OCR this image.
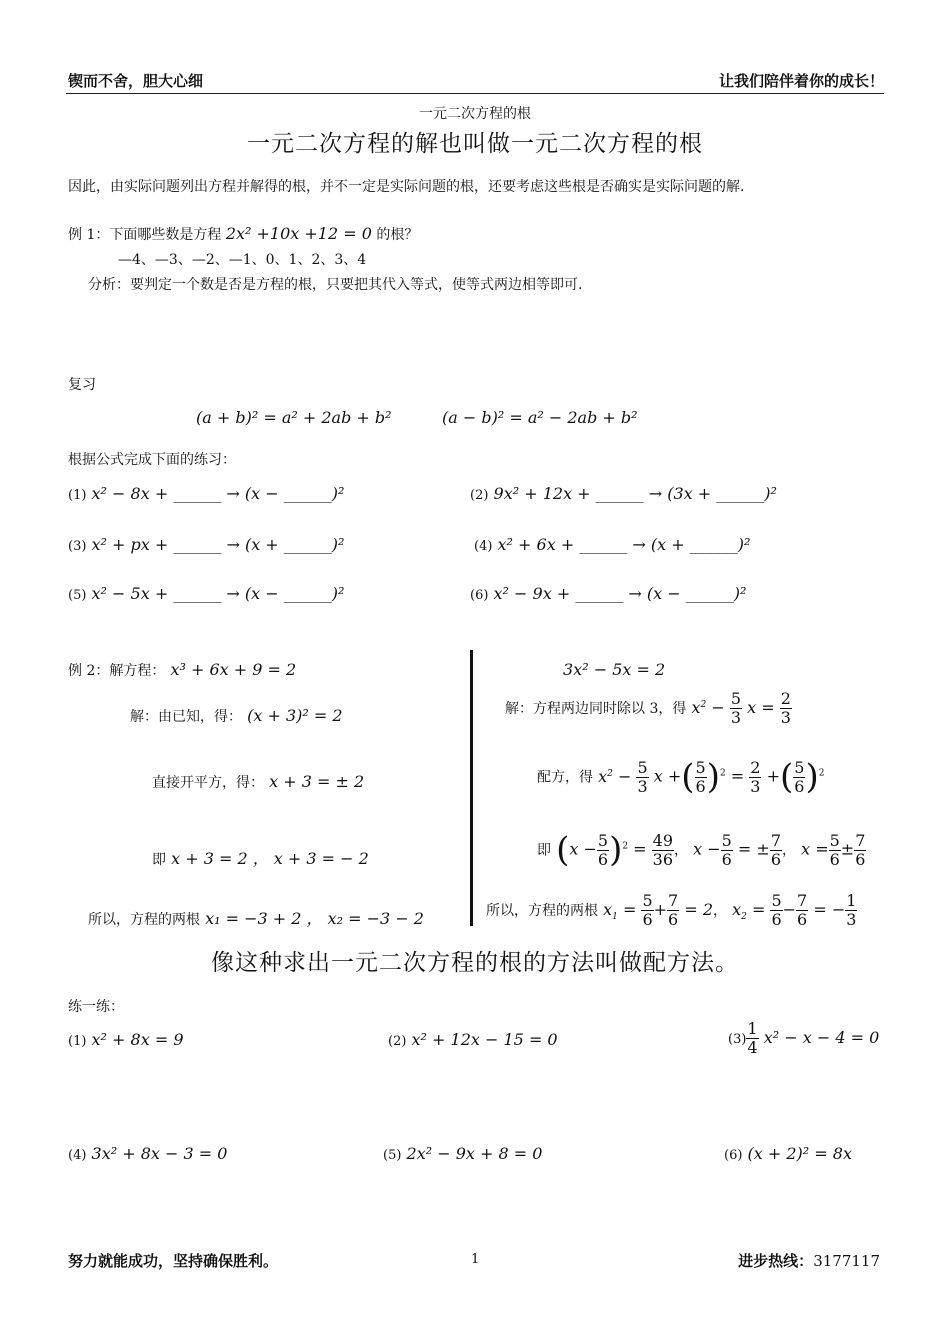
锲而不舍，胆大心细	让我们陪伴着你的成长！
一元二次方程的根
一元二次方程的解也叫做一元二次方程的根
因此，由实际问题列出方程并解得的根，并不一定是实际问题的根，还要考虑这些根是否确实是实际问题的解.
例 1：下面哪些数是方程 2x² +10x +12 = 0 的根？
—4、—3、—2、—1、0、1、2、3、4
分析：要判定一个数是否是方程的根，只要把其代入等式，使等式两边相等即可.
复习
(a + b)² = a² + 2ab + b²	(a − b)² = a² − 2ab + b²
根据公式完成下面的练习：
(1) x² − 8x + ______ → (x − ______)²	(2) 9x² + 12x + ______ → (3x + ______)²
(3) x² + px + ______ → (x + ______)²	(4) x² + 6x + ______ → (x + ______)²
(5) x² − 5x + ______ → (x − ______)²	(6) x² − 9x + ______ → (x − ______)²
例 2：解方程： x³ + 6x + 9 = 2
解：由已知，得： (x + 3)² = 2
直接开平方，得： x + 3 = ± 2
即 x + 3 = 2 ， x + 3 = − 2
所以，方程的两根 x₁ = −3 + 2 ， x₂ = −3 − 2
3x² − 5x = 2
解：方程两边同时除以 3，得 $x^2 - \frac{5}{3}$ $x = \frac{2}{3}$
配方，得 $x^2 - \frac{5}{3}$ x +( $\frac{5}{6} )^2 = \frac{2}{3}$ +( $\frac{5}{6} )^2$
即 $(x - \frac{5}{6} )^2 = \frac{49}{36}$ ， $x - \frac{5}{6}$ = ± $\frac{7}{6}$ ， $x = \frac{5}{6} \pm \frac{7}{6}$
所以，方程的两根 $x_1 = \frac{5}{6} + \frac{7}{6} = 2$， $x_2 = \frac{5}{6} - \frac{7}{6}$ = − $\frac{1}{3}$
像这种求出一元二次方程的根的方法叫做配方法。
练一练：
(1) x² + 8x = 9	(2) x² + 12x − 15 = 0	$(3) \frac{1}{4} x^2 - x - 4 = 0$
(4) 3x² + 8x − 3 = 0	(5) 2x² − 9x + 8 = 0	(6) (x + 2)² = 8x
努力就能成功，坚持确保胜利。	1	进步热线：3177117
